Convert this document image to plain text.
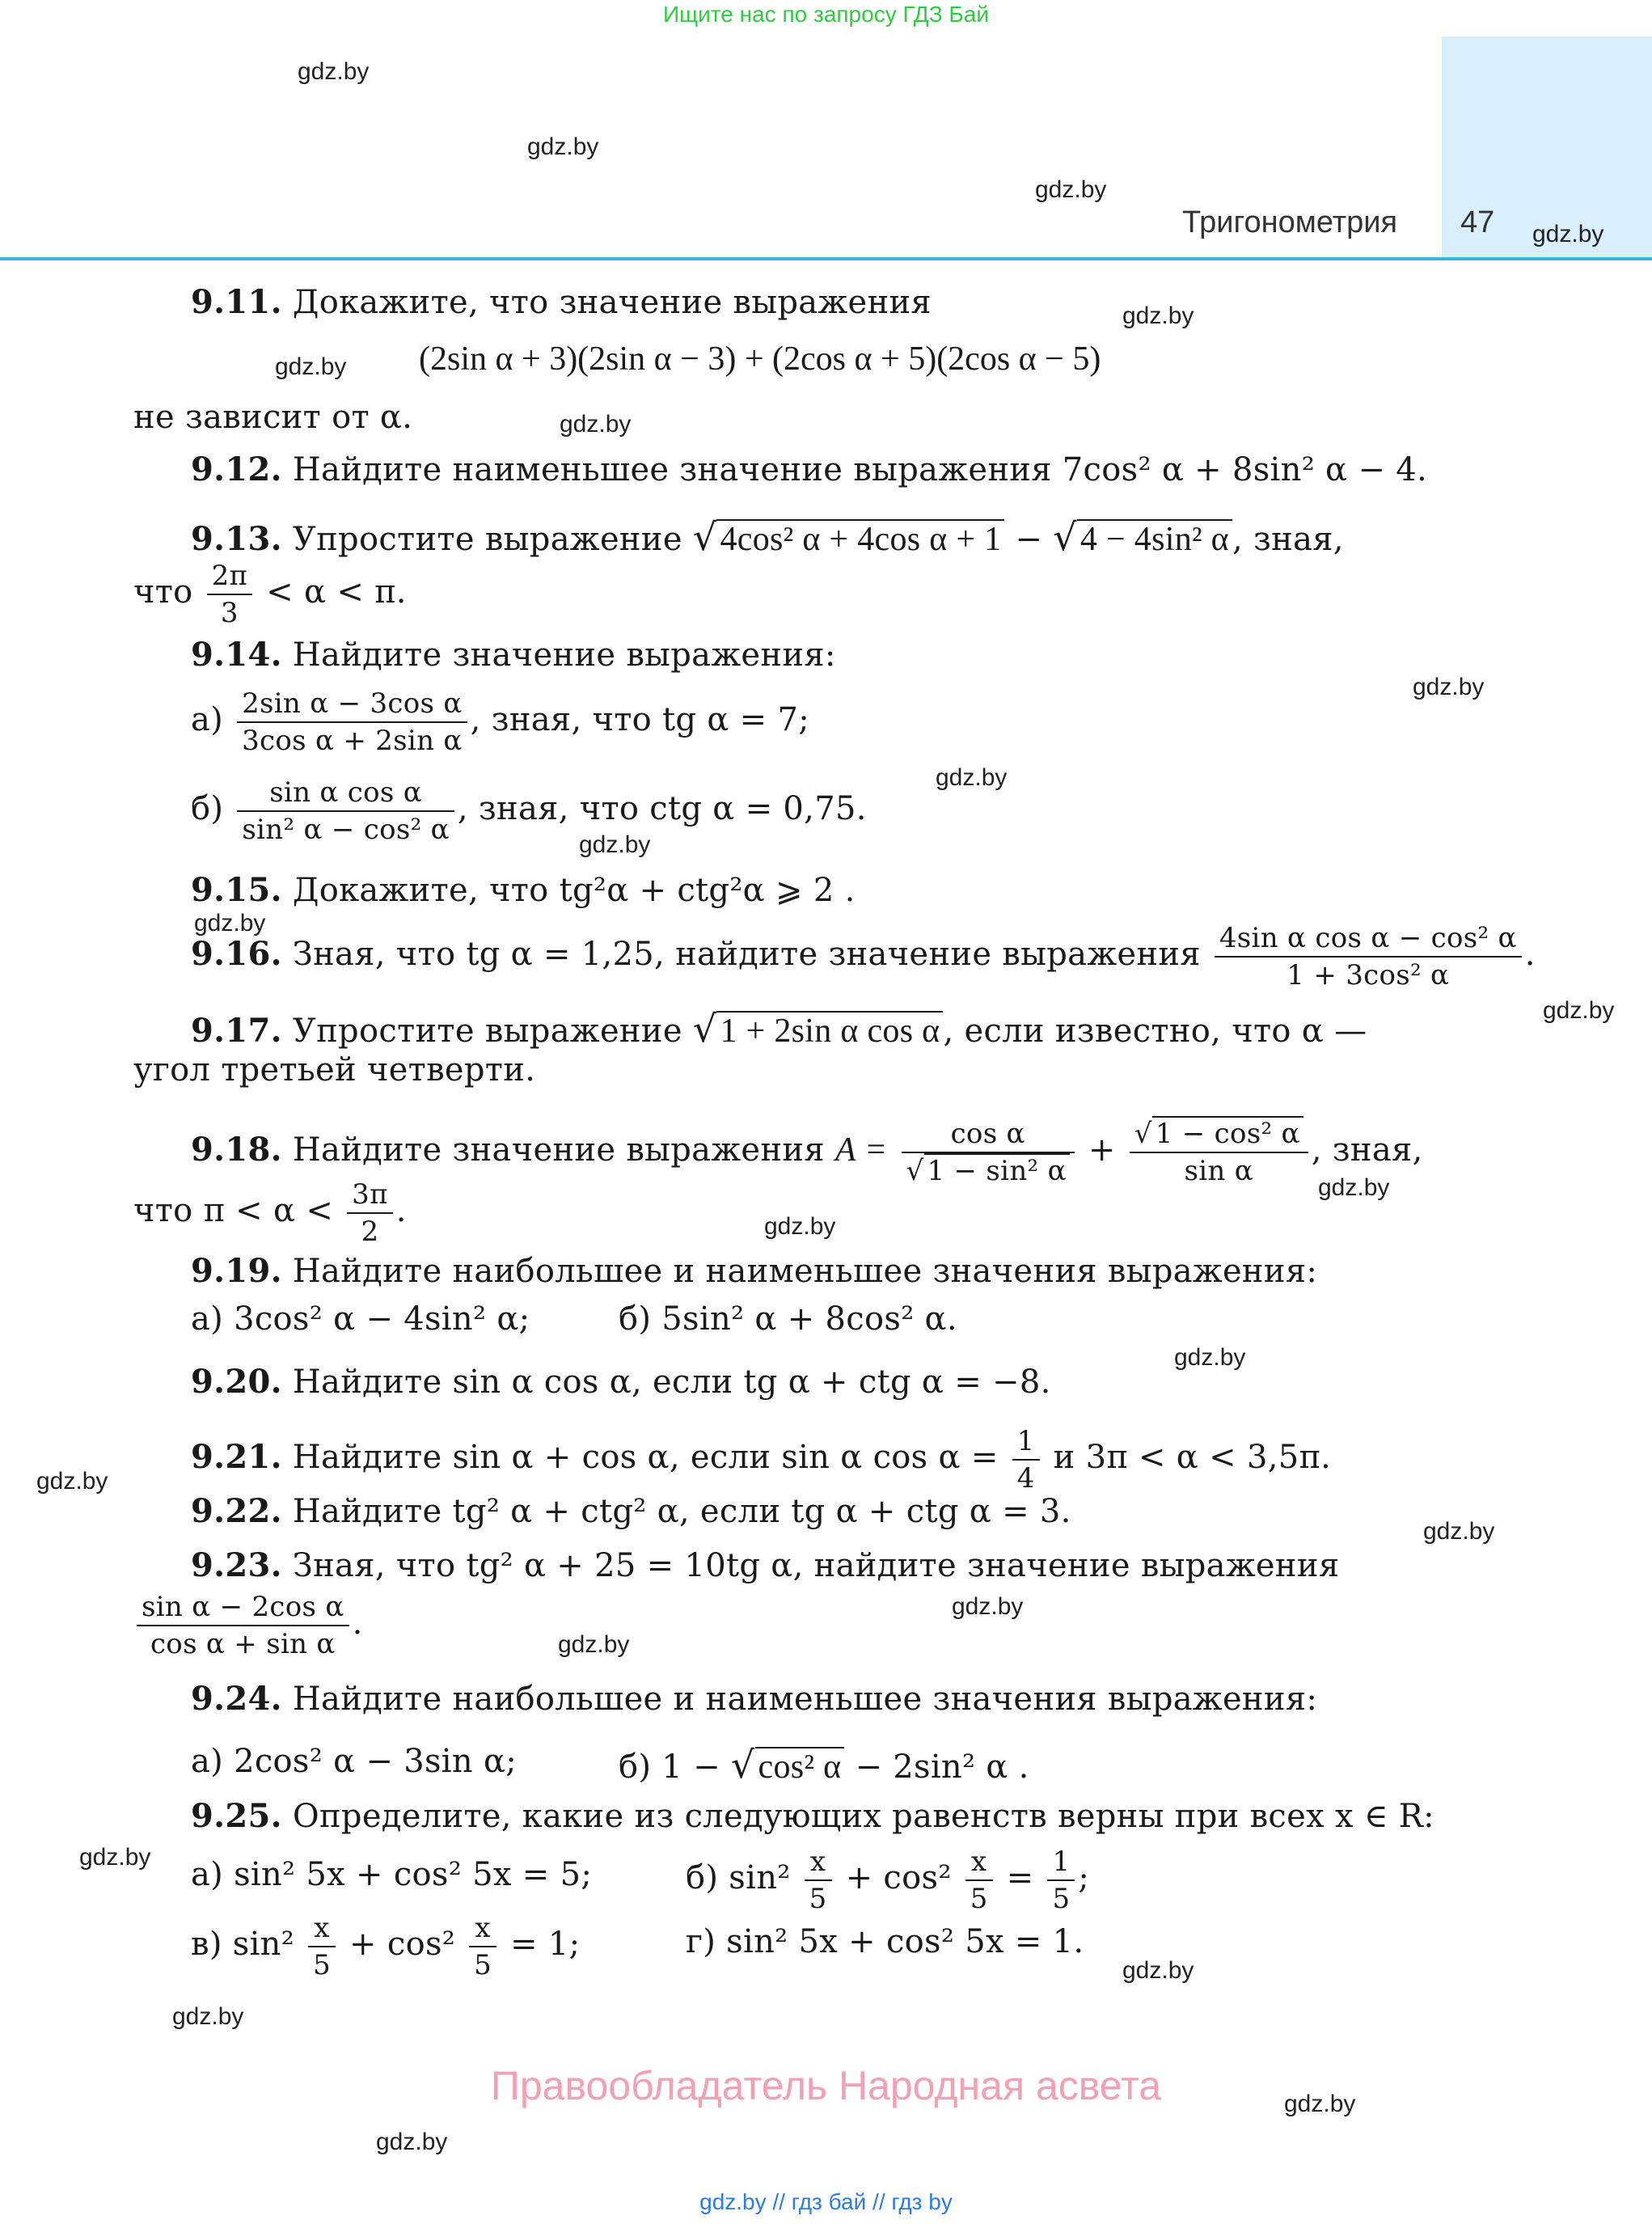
Ищите нас по запросу ГДЗ Бай
Тригонометрия 47
gdz.by
gdz.by
gdz.by
gdz.by
gdz.by
gdz.by
gdz.by
gdz.by
gdz.by
gdz.by
gdz.by
gdz.by
gdz.by
gdz.by
gdz.by
gdz.by
gdz.by
gdz.by
gdz.by
gdz.by
gdz.by
gdz.by
gdz.by
gdz.by
9.11. Докажите, что значение выражения
(2sin α + 3)(2sin α − 3) + (2cos α + 5)(2cos α − 5)
не зависит от α.
9.12. Найдите наименьшее значение выражения 7cos² α + 8sin² α − 4.
9.13. Упростите выражение √4cos² α + 4cos α + 1 − √4 − 4sin² α , зная,
что $\frac{2\pi}{3} < \alpha < \pi$.
9.14. Найдите значение выражения:
$а) \frac{\text{2sin α − 3cos α}}{\text{3cos α + 2sin α}}$ , зная, что tg α = 7;
$б) \frac{\text{sin α cos α}}{\text{sin² α − cos² α}}$ , зная, что ctg α = 0,75.
9.15. Докажите, что tg²α + ctg²α ⩾ 2 .
9.16. Зная, что tg α = 1,25, найдите значение выражения $\frac{\text{4sin α cos α − cos² α}}{\text{1 + 3cos² α}}$ .
9.17. Упростите выражение √1 + 2sin α cos α , если известно, что α —
угол третьей четверти.
9.18. Найдите значение выражения $A = \frac{\text{cos α}}{\text{√ 1 − sin² α}} + \frac{\text{√ 1 − cos² α}}{\text{sin α}}$ , зная,
что $\pi < \alpha < \frac{3\pi}{2}$ .
9.19. Найдите наибольшее и наименьшее значения выражения:
а) 3cos² α − 4sin² α;	б) 5sin² α + 8cos² α.
9.20. Найдите sin α cos α, если tg α + ctg α = −8.
9.21. Найдите sin α + cos α, если sin α $\cos \alpha = \frac{1}{4}$ и 3π < α < 3,5π.
9.22. Найдите tg² α + ctg² α, если tg α + ctg α = 3.
9.23. Зная, что tg² α + 25 = 10tg α, найдите значение выражения
$\frac{\text{sin α − 2cos α}}{\text{cos α + sin α}}$ .
9.24. Найдите наибольшее и наименьшее значения выражения:
а) 2cos² α − 3sin α;	б) 1 − √cos² α − 2sin² α .
9.25. Определите, какие из следующих равенств верны при всех x ∈ R:
а) sin² 5x + cos² 5x = 5;	б) $\sin^2 \frac{x}{5} + \cos^2 \frac{x}{5} = \frac{1}{5}$ ;
в) $\sin^2 \frac{x}{5} + \cos^2 \frac{x}{5} = 1$;	г) sin² 5x + cos² 5x = 1.
Правообладатель Народная асвета
gdz.by // гдз бай // гдз by
